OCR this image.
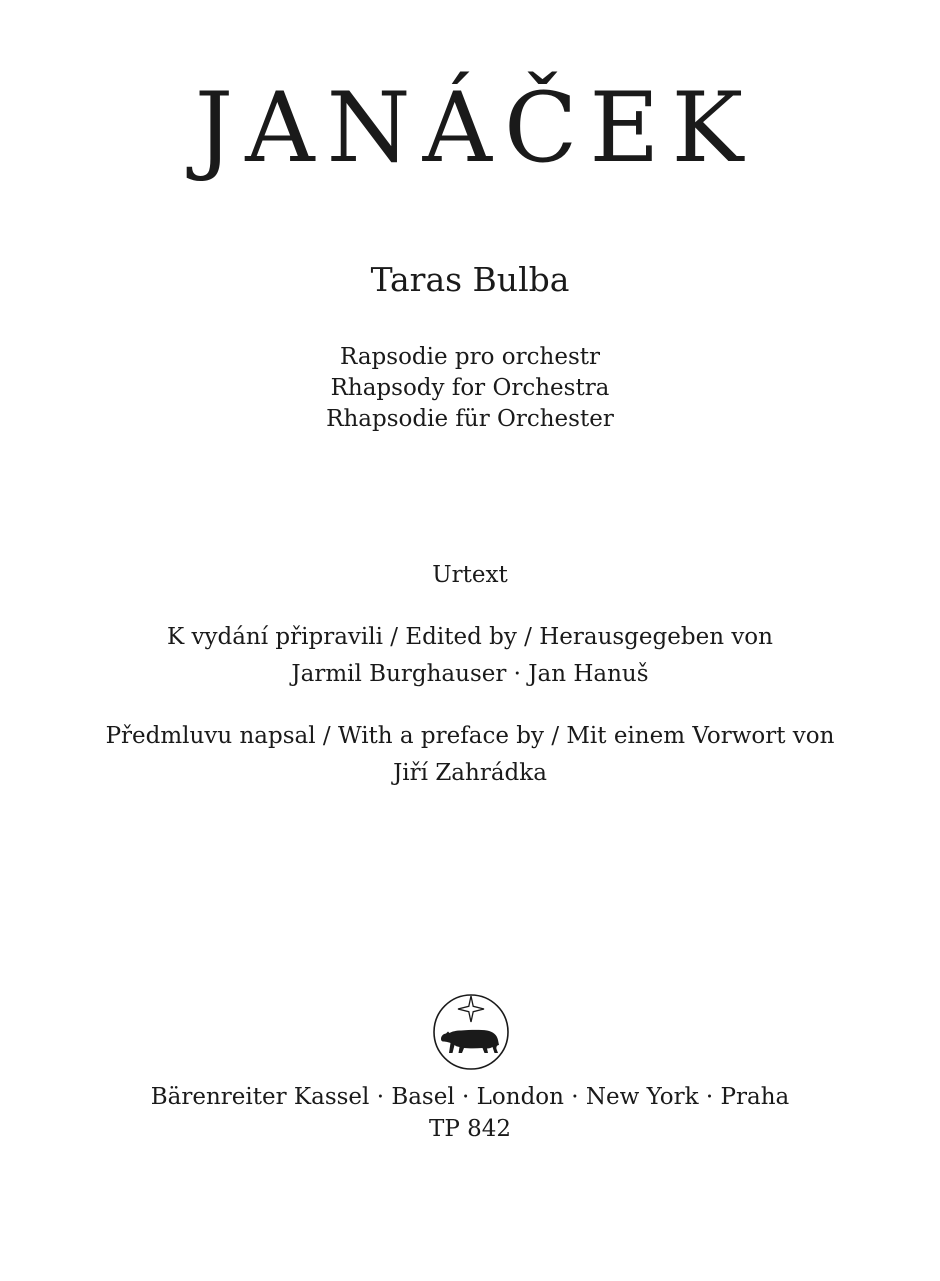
JANÁČEK
Taras Bulba
Rapsodie pro orchestr
Rhapsody for Orchestra
Rhapsodie für Orchester
Urtext
K vydání připravili / Edited by / Herausgegeben von
Jarmil Burghauser · Jan Hanuš
Předmluvu napsal / With a preface by / Mit einem Vorwort von
Jiří Zahrádka
Bärenreiter Kassel · Basel · London · New York · Praha
TP 842
